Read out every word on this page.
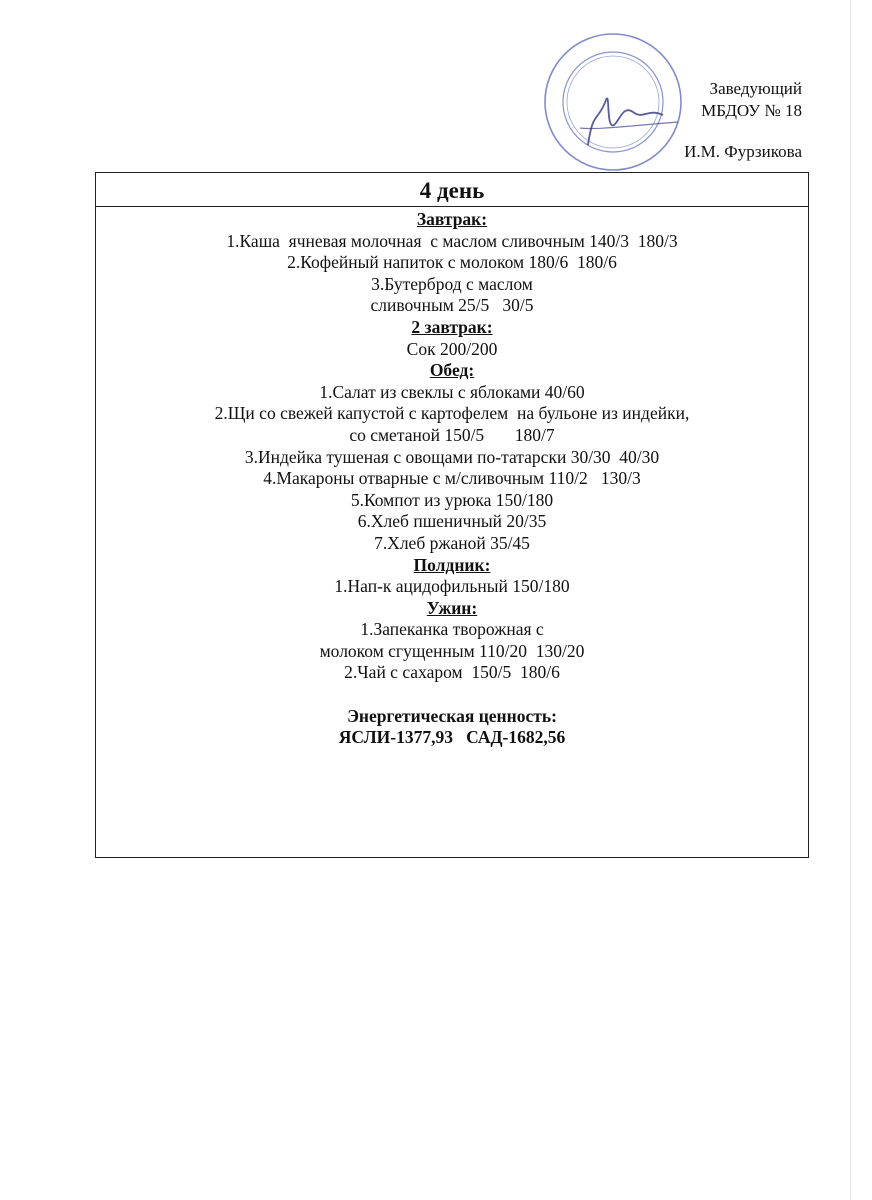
Заведующий
МБДОУ № 18
И.М. Фурзикова
4 день
Завтрак:
1.Каша  ячневая молочная  с маслом сливочным 140/3  180/3
2.Кофейный напиток с молоком 180/6  180/6
3.Бутерброд с маслом
сливочным 25/5   30/5
2 завтрак:
Сок 200/200
Обед:
1.Салат из свеклы с яблоками 40/60
2.Щи со свежей капустой с картофелем  на бульоне из индейки,
со сметаной 150/5       180/7
3.Индейка тушеная с овощами по-татарски 30/30  40/30
4.Макароны отварные с м/сливочным 110/2   130/3
5.Компот из урюка 150/180
6.Хлеб пшеничный 20/35
7.Хлеб ржаной 35/45
Полдник:
1.Нап-к ацидофильный 150/180
Ужин:
1.Запеканка творожная с
молоком сгущенным 110/20  130/20
2.Чай с сахаром  150/5  180/6
Энергетическая ценность:
ЯСЛИ-1377,93   САД-1682,56
